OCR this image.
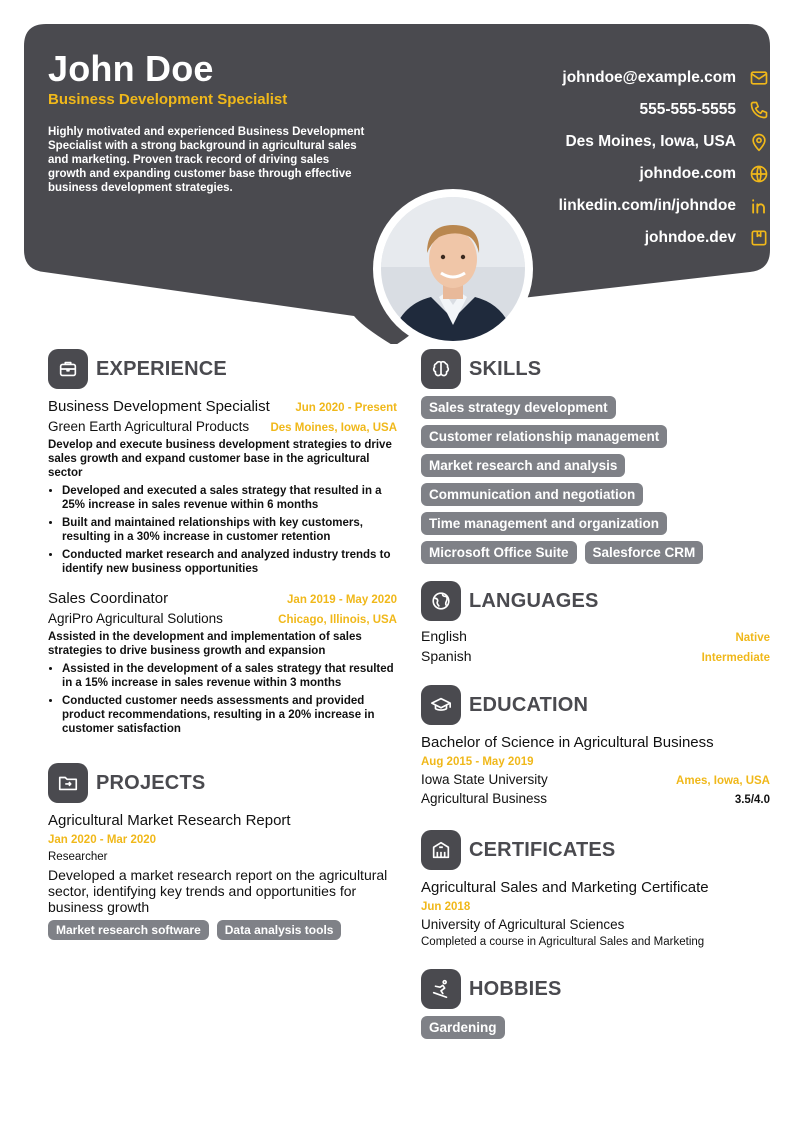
John Doe
Business Development Specialist
Highly motivated and experienced Business Development Specialist with a strong background in agricultural sales and marketing. Proven track record of driving sales growth and expanding customer base through effective business development strategies.
johndoe@example.com
555-555-5555
Des Moines, Iowa, USA
johndoe.com
linkedin.com/in/johndoe
johndoe.dev
EXPERIENCE
Business Development Specialist Jun 2020 - Present
Green Earth Agricultural Products Des Moines, Iowa, USA
Develop and execute business development strategies to drive sales growth and expand customer base in the agricultural sector
• Developed and executed a sales strategy that resulted in a 25% increase in sales revenue within 6 months
• Built and maintained relationships with key customers, resulting in a 30% increase in customer retention
• Conducted market research and analyzed industry trends to identify new business opportunities
Sales Coordinator	Jan 2019 - May 2020
AgriPro Agricultural Solutions	Chicago, Illinois, USA
Assisted in the development and implementation of sales strategies to drive business growth and expansion
• Assisted in the development of a sales strategy that resulted in a 15% increase in sales revenue within 3 months
• Conducted customer needs assessments and provided product recommendations, resulting in a 20% increase in customer satisfaction
PROJECTS
Agricultural Market Research Report
Jan 2020 - Mar 2020
Researcher
Developed a market research report on the agricultural sector, identifying key trends and opportunities for business growth
Market research software Data analysis tools
SKILLS
Sales strategy development
Customer relationship management
Market research and analysis
Communication and negotiation
Time management and organization
Microsoft Office Suite Salesforce CRM
LANGUAGES
English	Native
Spanish	Intermediate
EDUCATION
Bachelor of Science in Agricultural Business
Aug 2015 - May 2019
Iowa State University	Ames, Iowa, USA
Agricultural Business	3.5/4.0
CERTIFICATES
Agricultural Sales and Marketing Certificate
Jun 2018
University of Agricultural Sciences
Completed a course in Agricultural Sales and Marketing
HOBBIES
Gardening
